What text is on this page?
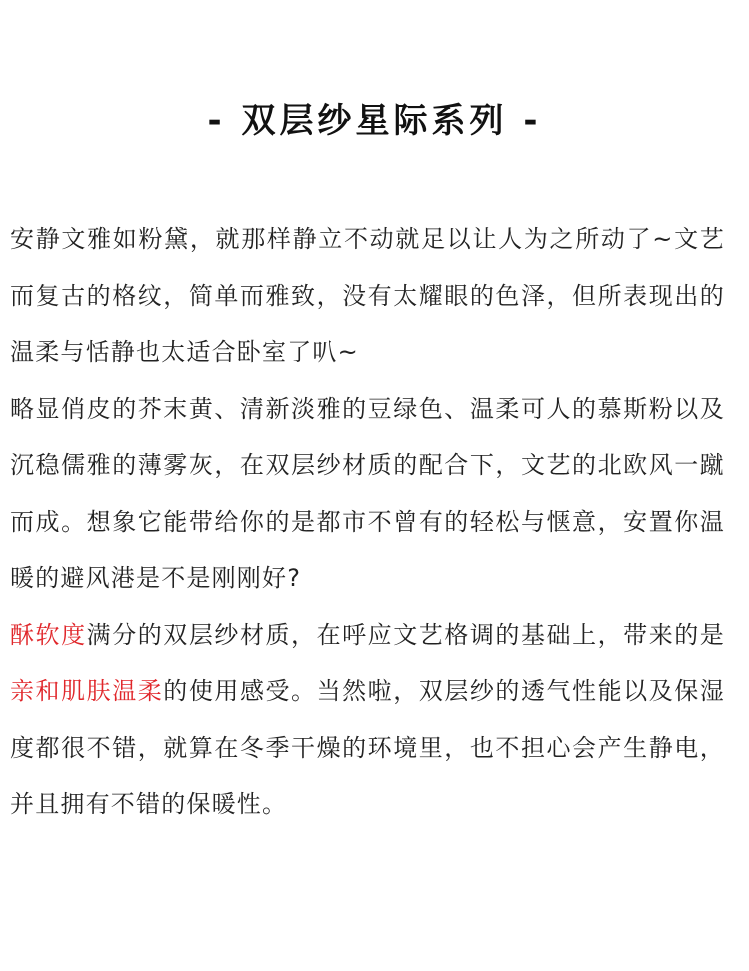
- 双层纱星际系列 -

安静文雅如粉黛，就那样静立不动就足以让人为之所动了~文艺而复古的格纹，简单而雅致，没有太耀眼的色泽，但所表现出的温柔与恬静也太适合卧室了叭~

略显俏皮的芥末黄、清新淡雅的豆绿色、温柔可人的慕斯粉以及沉稳儒雅的薄雾灰，在双层纱材质的配合下，文艺的北欧风一蹴而成。想象它能带给你的是都市不曾有的轻松与惬意，安置你温暖的避风港是不是刚刚好?

酥软度满分的双层纱材质，在呼应文艺格调的基础上，带来的是亲和肌肤温柔的使用感受。当然啦，双层纱的透气性能以及保湿度都很不错，就算在冬季干燥的环境里，也不担心会产生静电，并且拥有不错的保暖性。
